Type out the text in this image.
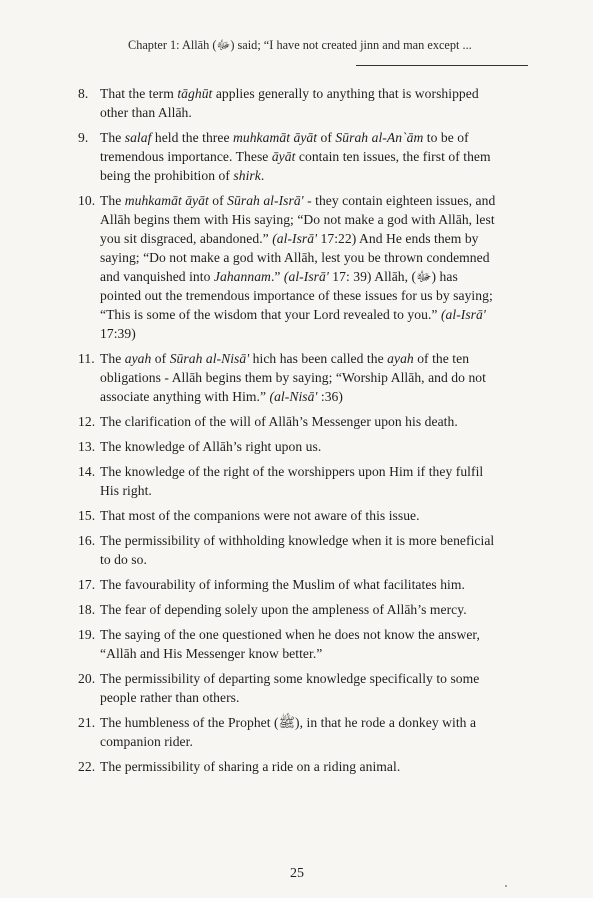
Chapter 1: Allāh (ﷻ) said; “I have not created jinn and man except ...
8. That the term tāghūt applies generally to anything that is worshipped other than Allāh.
9. The salaf held the three muhkamāt āyāt of Sūrah al-An`ām to be of tremendous importance. These āyāt contain ten issues, the first of them being the prohibition of shirk.
10. The muhkamāt āyāt of Sūrah al-Isrā' - they contain eighteen issues, and Allāh begins them with His saying; “Do not make a god with Allāh, lest you sit disgraced, abandoned.” (al-Isrā' 17:22) And He ends them by saying; “Do not make a god with Allāh, lest you be thrown condemned and vanquished into Jahannam.” (al-Isrā' 17: 39) Allāh, (ﷻ) has pointed out the tremendous importance of these issues for us by saying; “This is some of the wisdom that your Lord revealed to you.” (al-Isrā' 17:39)
11. The ayah of Sūrah al-Nisā' hich has been called the ayah of the ten obligations - Allāh begins them by saying; “Worship Allāh, and do not associate anything with Him.” (al-Nisā' :36)
12. The clarification of the will of Allāh’s Messenger upon his death.
13. The knowledge of Allāh’s right upon us.
14. The knowledge of the right of the worshippers upon Him if they fulfil His right.
15. That most of the companions were not aware of this issue.
16. The permissibility of withholding knowledge when it is more beneficial to do so.
17. The favourability of informing the Muslim of what facilitates him.
18. The fear of depending solely upon the ampleness of Allāh’s mercy.
19. The saying of the one questioned when he does not know the answer, “Allāh and His Messenger know better.”
20. The permissibility of departing some knowledge specifically to some people rather than others.
21. The humbleness of the Prophet (ﷺ), in that he rode a donkey with a companion rider.
22. The permissibility of sharing a ride on a riding animal.
25
